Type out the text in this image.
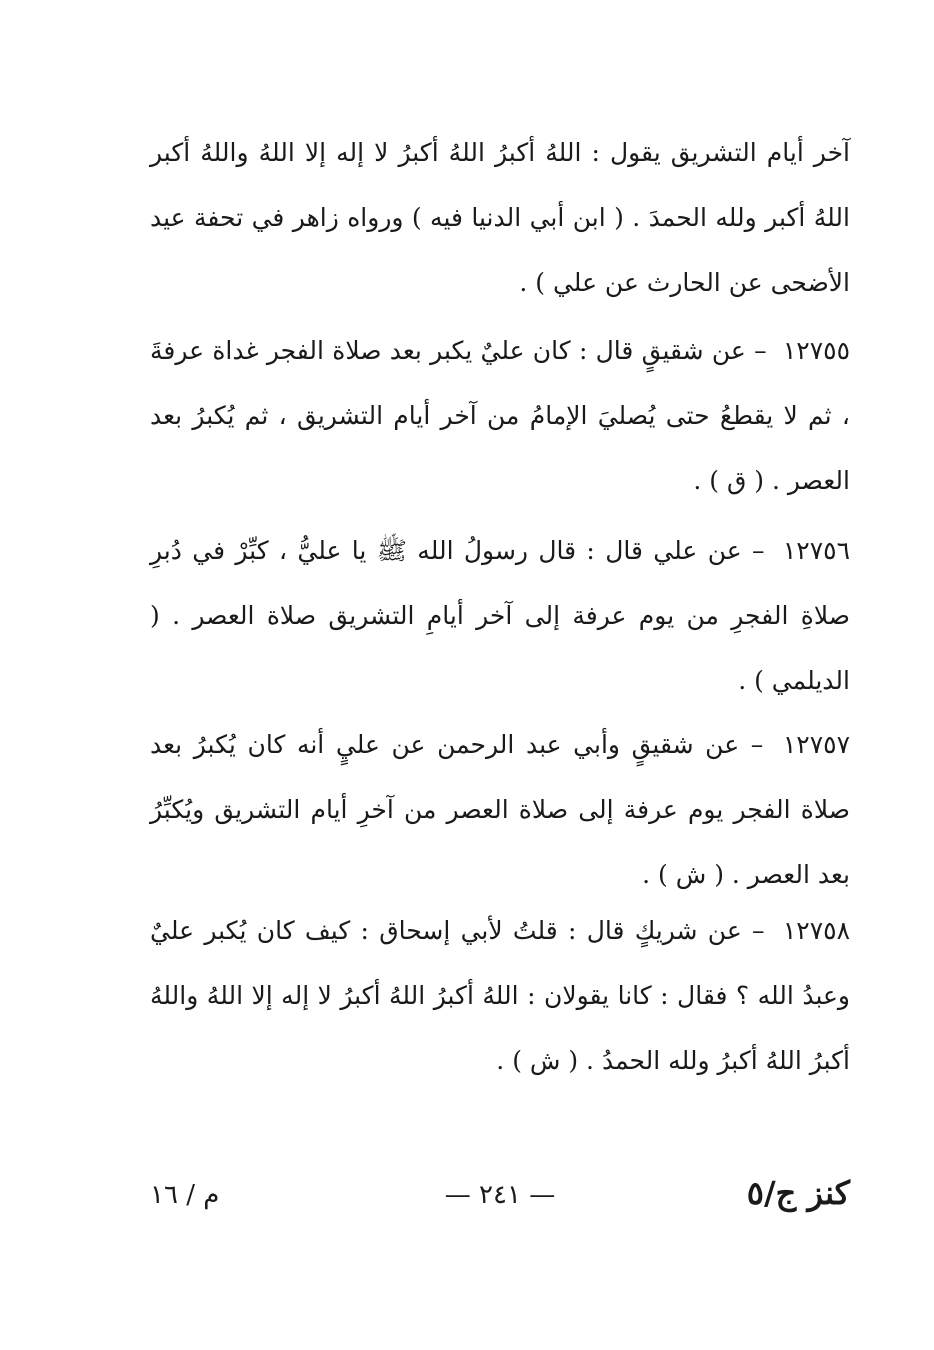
آخر أيام التشريق يقول : اللهُ أكبرُ اللهُ أكبرُ لا إله إلا اللهُ واللهُ أكبر اللهُ أكبر ولله الحمدَ . ( ابن أبي الدنيا فيه ) ورواه زاهر في تحفة عيد الأضحى عن الحارث عن علي ) .

١٢٧٥٥ – عن شقيقٍ قال : كان عليٌ يكبر بعد صلاة الفجر غداة عرفةَ ، ثم لا يقطعُ حتى يُصليَ الإمامُ من آخر أيام التشريق ، ثم يُكبرُ بعد العصر . ( ق ) .

١٢٧٥٦ – عن علي قال : قال رسولُ الله ﷺ يا عليُّ ، كبِّرْ في دُبرِ صلاةِ الفجرِ من يوم عرفة إلى آخر أيامِ التشريق صلاة العصر . ( الديلمي ) .

١٢٧٥٧ – عن شقيقٍ وأبي عبد الرحمن عن عليٍ أنه كان يُكبرُ بعد صلاة الفجر يوم عرفة إلى صلاة العصر من آخرِ أيام التشريق ويُكبِّرُ بعد العصر . ( ش ) .

١٢٧٥٨ – عن شريكٍ قال : قلتُ لأبي إسحاق : كيف كان يُكبر عليٌ وعبدُ الله ؟ فقال : كانا يقولان : اللهُ أكبرُ اللهُ أكبرُ لا إله إلا اللهُ واللهُ أكبرُ اللهُ أكبرُ ولله الحمدُ . ( ش ) .

كنز ج/٥
— ٢٤١ —
م / ١٦
